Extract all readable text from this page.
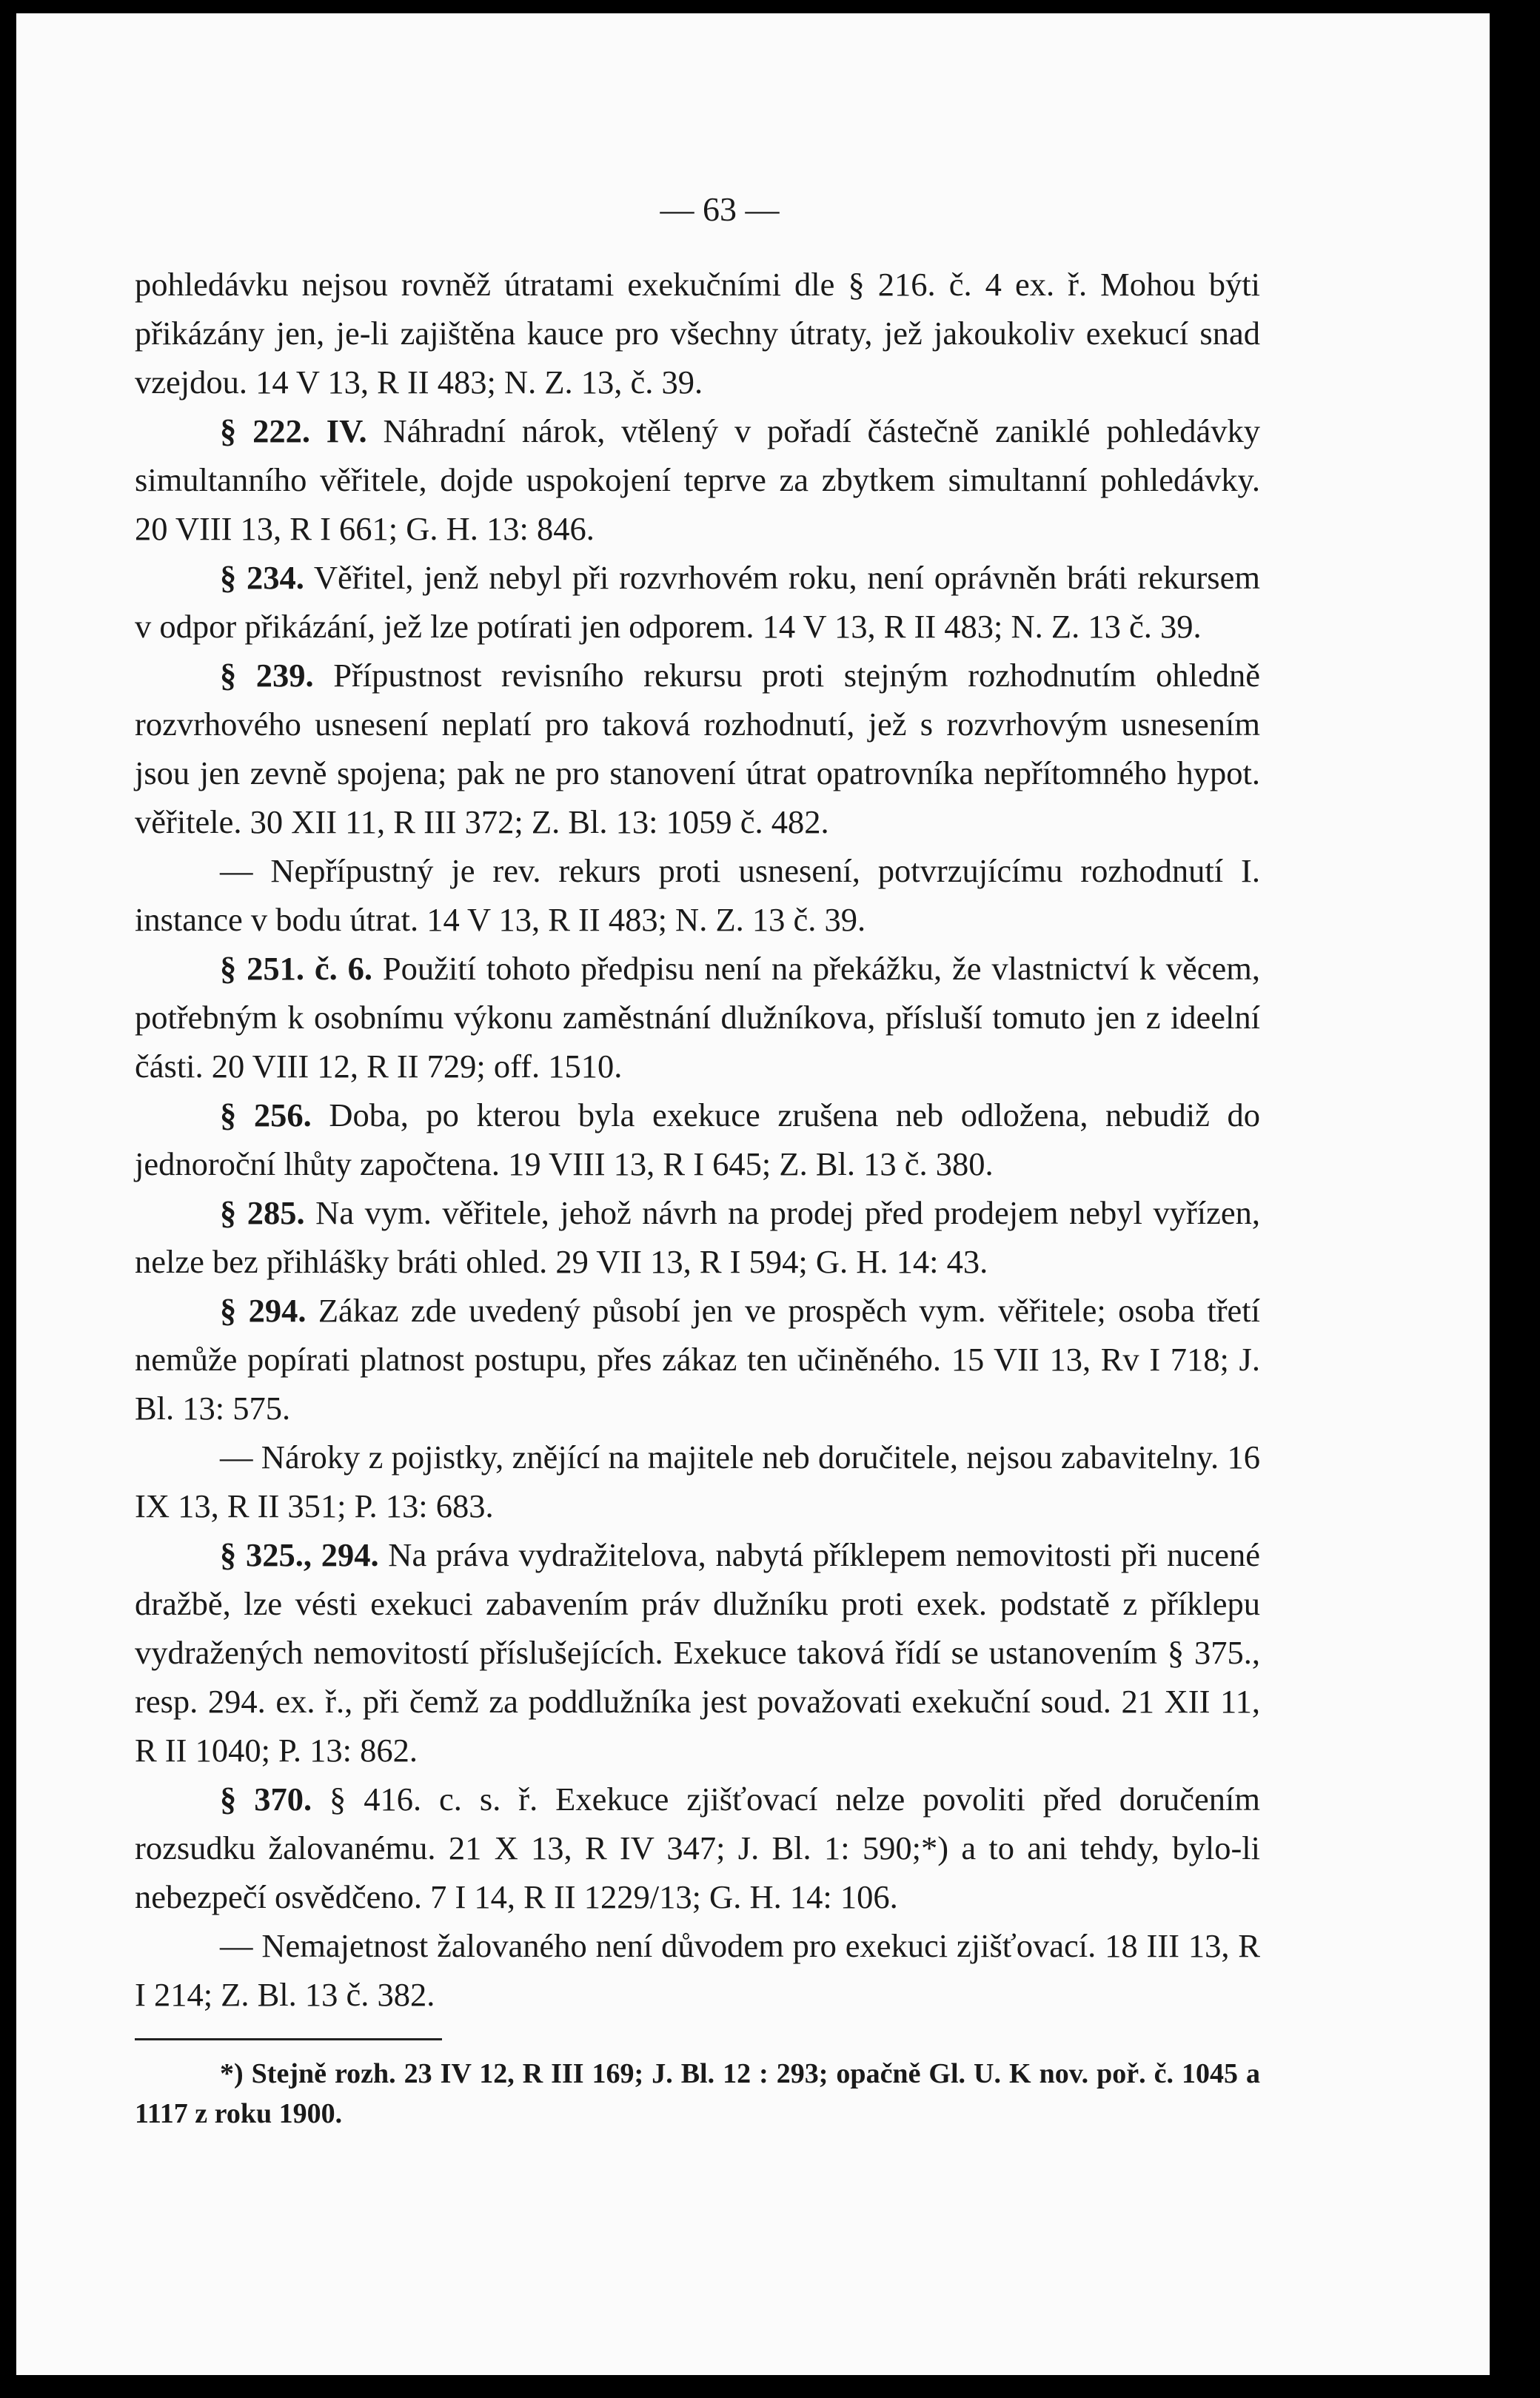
— 63 —

pohledávku nejsou rovněž útratami exekučními dle § 216. č. 4 ex. ř. Mohou býti přikázány jen, je-li zajištěna kauce pro všechny útraty, jež jakoukoliv exekucí snad vzejdou. 14 V 13, R II 483; N. Z. 13, č. 39.

§ 222. IV. Náhradní nárok, vtělený v pořadí částečně zaniklé pohledávky simultanního věřitele, dojde uspokojení teprve za zbytkem simultanní pohledávky. 20 VIII 13, R I 661; G. H. 13: 846.

§ 234. Věřitel, jenž nebyl při rozvrhovém roku, není oprávněn bráti rekursem v odpor přikázání, jež lze potírati jen odporem. 14 V 13, R II 483; N. Z. 13 č. 39.

§ 239. Přípustnost revisního rekursu proti stejným rozhodnutím ohledně rozvrhového usnesení neplatí pro taková rozhodnutí, jež s rozvrhovým usnesením jsou jen zevně spojena; pak ne pro stanovení útrat opatrovníka nepřítomného hypot. věřitele. 30 XII 11, R III 372; Z. Bl. 13: 1059 č. 482.

— Nepřípustný je rev. rekurs proti usnesení, potvrzujícímu rozhodnutí I. instance v bodu útrat. 14 V 13, R II 483; N. Z. 13 č. 39.

§ 251. č. 6. Použití tohoto předpisu není na překážku, že vlastnictví k věcem, potřebným k osobnímu výkonu zaměstnání dlužníkova, přísluší tomuto jen z ideelní části. 20 VIII 12, R II 729; off. 1510.

§ 256. Doba, po kterou byla exekuce zrušena neb odložena, nebudiž do jednoroční lhůty započtena. 19 VIII 13, R I 645; Z. Bl. 13 č. 380.

§ 285. Na vym. věřitele, jehož návrh na prodej před prodejem nebyl vyřízen, nelze bez přihlášky bráti ohled. 29 VII 13, R I 594; G. H. 14: 43.

§ 294. Zákaz zde uvedený působí jen ve prospěch vym. věřitele; osoba třetí nemůže popírati platnost postupu, přes zákaz ten učiněného. 15 VII 13, Rv I 718; J. Bl. 13: 575.

— Nároky z pojistky, znějící na majitele neb doručitele, nejsou zabavitelny. 16 IX 13, R II 351; P. 13: 683.

§ 325., 294. Na práva vydražitelova, nabytá příklepem nemovitosti při nucené dražbě, lze vésti exekuci zabavením práv dlužníku proti exek. podstatě z příklepu vydražených nemovitostí příslušejících. Exekuce taková řídí se ustanovením § 375., resp. 294. ex. ř., při čemž za poddlužníka jest považovati exekuční soud. 21 XII 11, R II 1040; P. 13: 862.

§ 370. § 416. c. s. ř. Exekuce zjišťovací nelze povoliti před doručením rozsudku žalovanému. 21 X 13, R IV 347; J. Bl. 1: 590;*) a to ani tehdy, bylo-li nebezpečí osvědčeno. 7 I 14, R II 1229/13; G. H. 14: 106.

— Nemajetnost žalovaného není důvodem pro exekuci zjišťovací. 18 III 13, R I 214; Z. Bl. 13 č. 382.

*) Stejně rozh. 23 IV 12, R III 169; J. Bl. 12 : 293; opačně Gl. U. K nov. poř. č. 1045 a 1117 z roku 1900.
